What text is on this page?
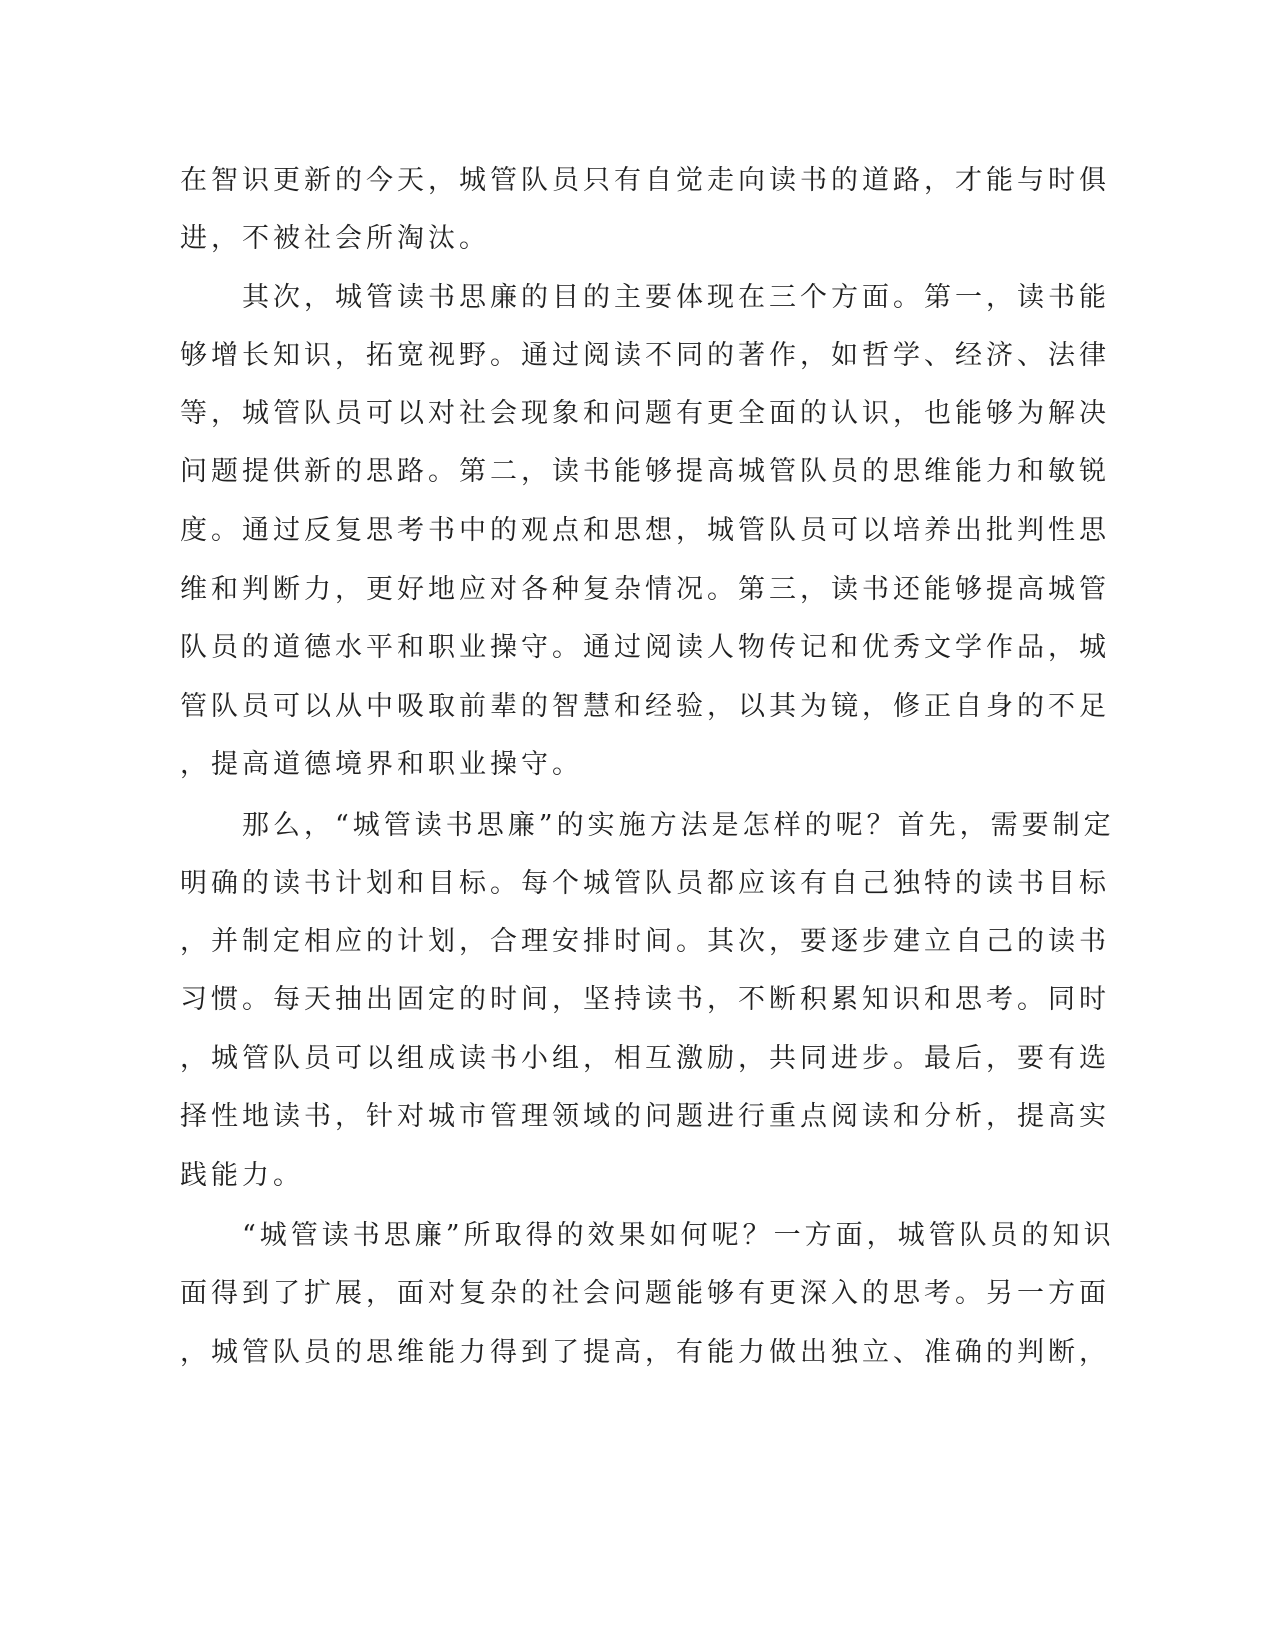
在智识更新的今天，城管队员只有自觉走向读书的道路，才能与时俱
进，不被社会所淘汰。
　　其次，城管读书思廉的目的主要体现在三个方面。第一，读书能
够增长知识，拓宽视野。通过阅读不同的著作，如哲学、经济、法律
等，城管队员可以对社会现象和问题有更全面的认识，也能够为解决
问题提供新的思路。第二，读书能够提高城管队员的思维能力和敏锐
度。通过反复思考书中的观点和思想，城管队员可以培养出批判性思
维和判断力，更好地应对各种复杂情况。第三，读书还能够提高城管
队员的道德水平和职业操守。通过阅读人物传记和优秀文学作品，城
管队员可以从中吸取前辈的智慧和经验，以其为镜，修正自身的不足
，提高道德境界和职业操守。
　　那么，“城管读书思廉”的实施方法是怎样的呢？首先，需要制定
明确的读书计划和目标。每个城管队员都应该有自己独特的读书目标
，并制定相应的计划，合理安排时间。其次，要逐步建立自己的读书
习惯。每天抽出固定的时间，坚持读书，不断积累知识和思考。同时
，城管队员可以组成读书小组，相互激励，共同进步。最后，要有选
择性地读书，针对城市管理领域的问题进行重点阅读和分析，提高实
践能力。
　　“城管读书思廉”所取得的效果如何呢？一方面，城管队员的知识
面得到了扩展，面对复杂的社会问题能够有更深入的思考。另一方面
，城管队员的思维能力得到了提高，有能力做出独立、准确的判断，
